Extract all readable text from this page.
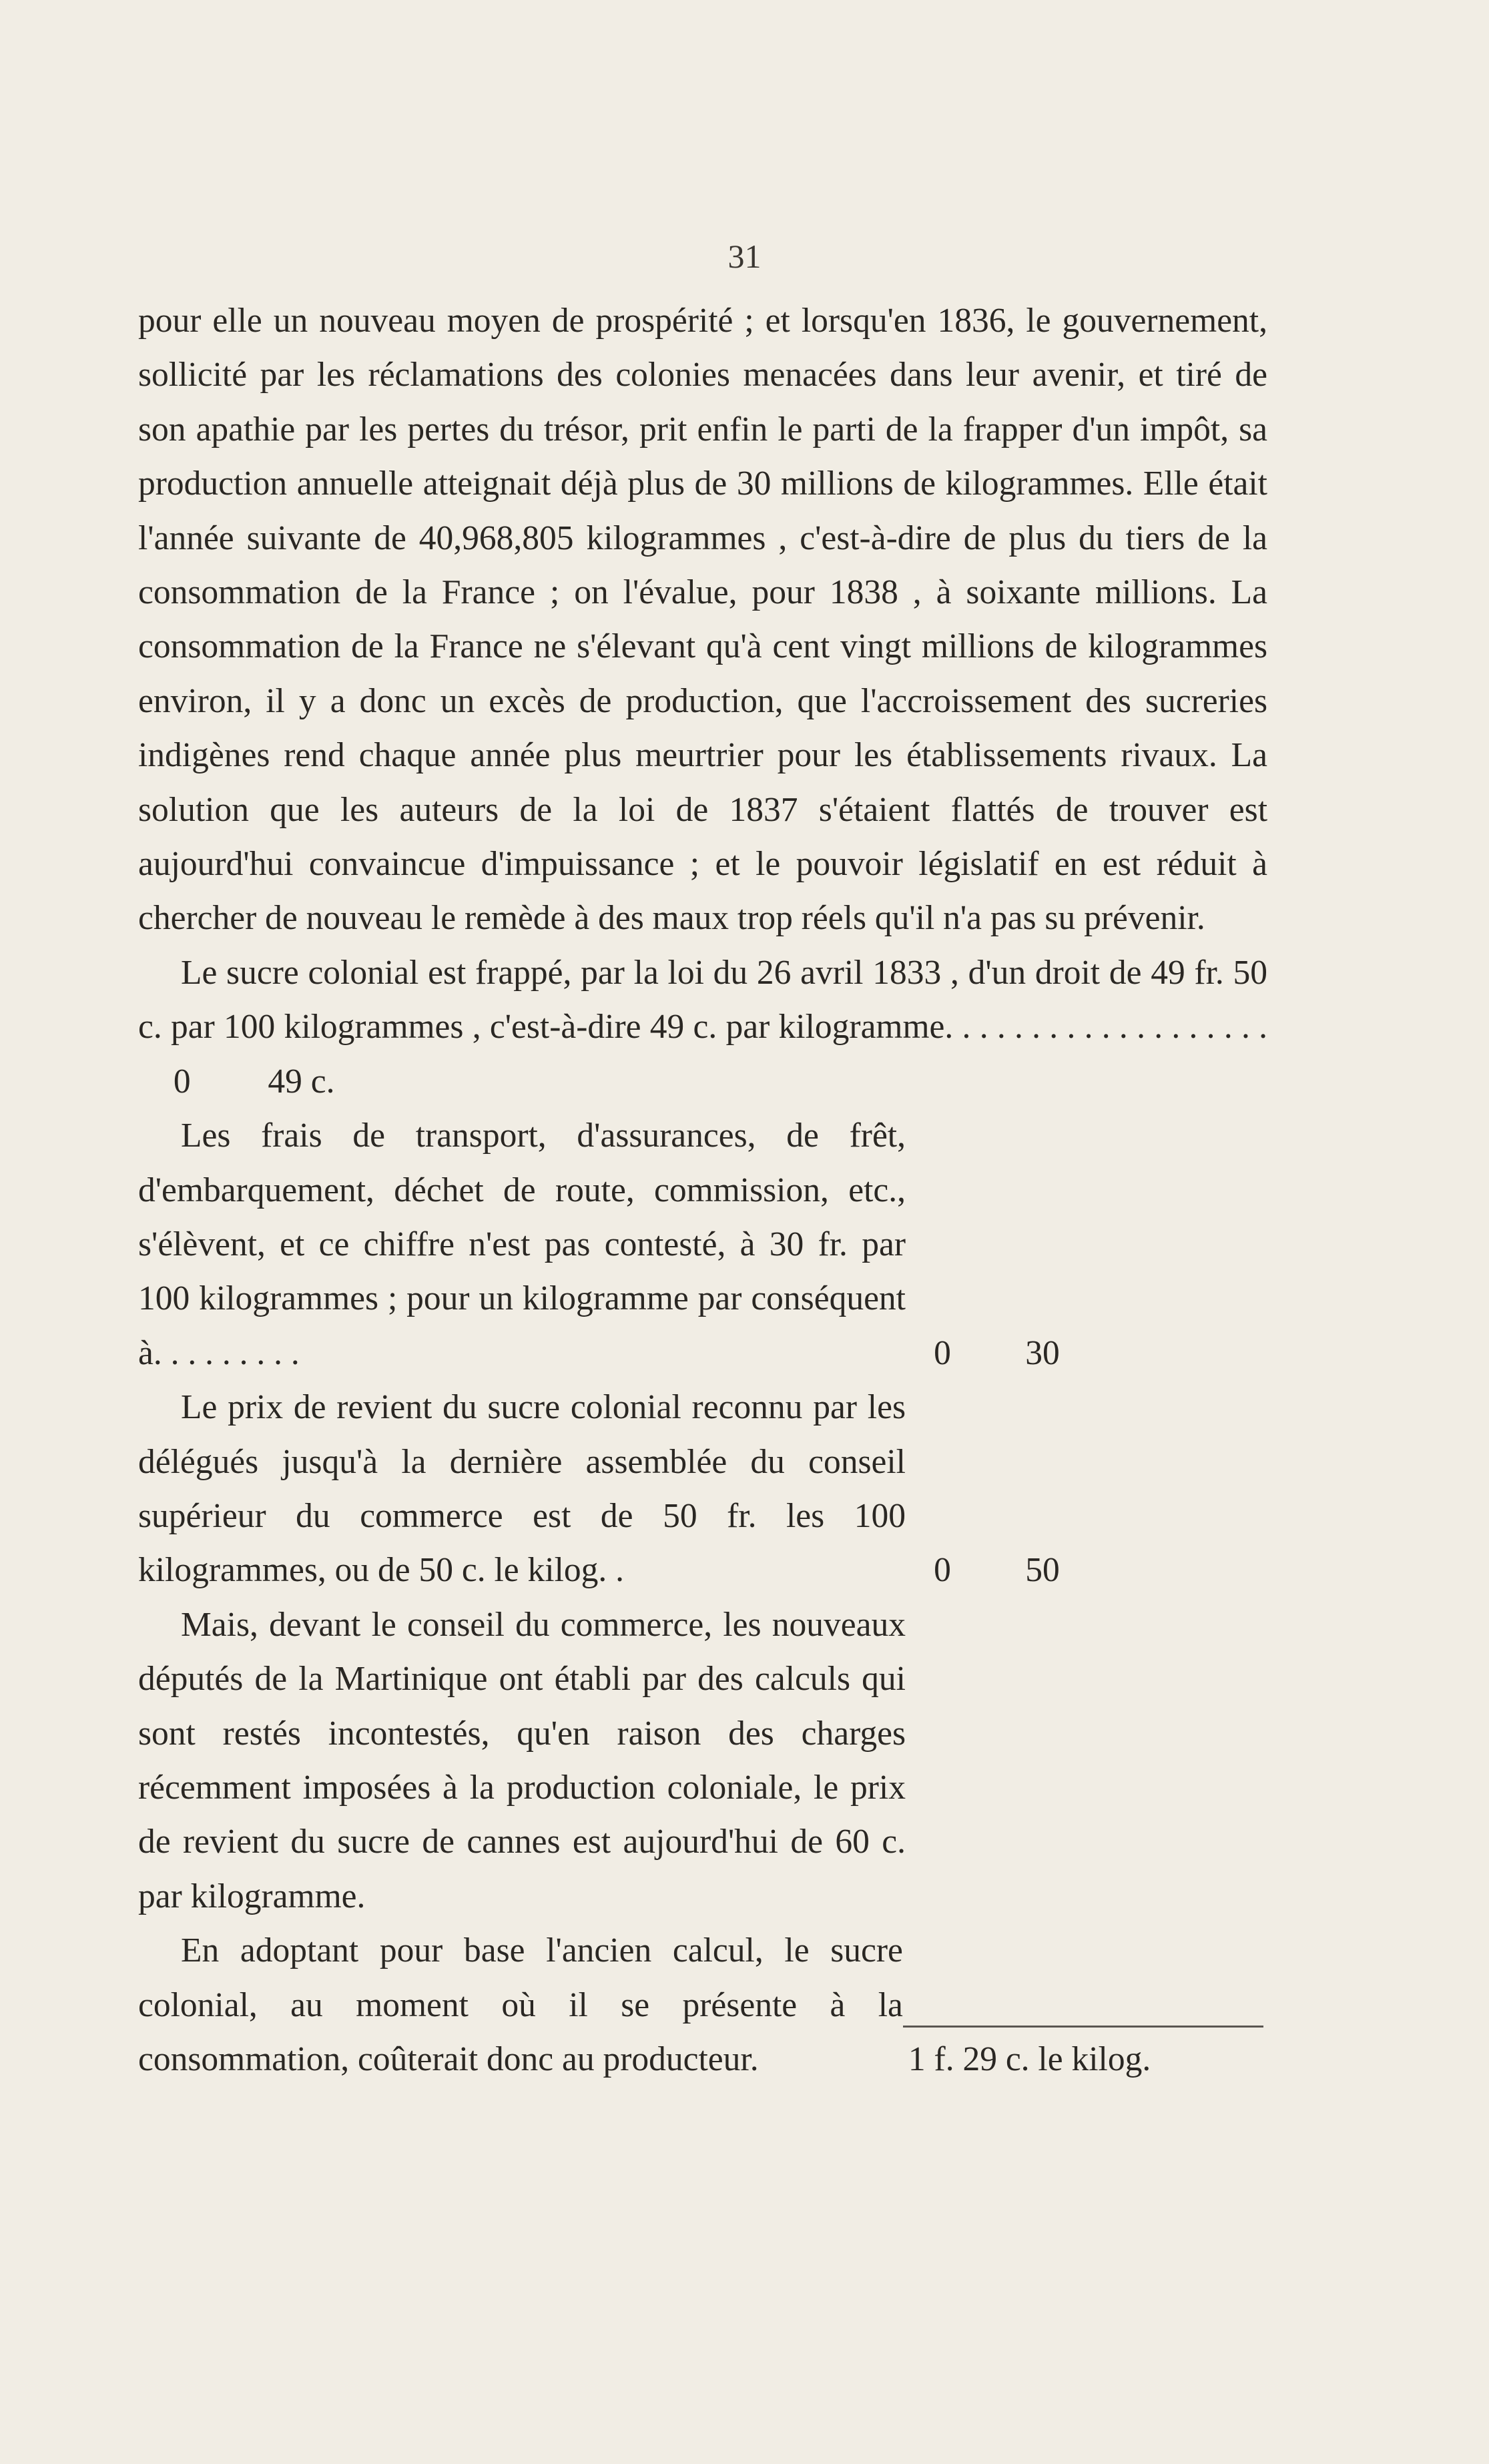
31

pour elle un nouveau moyen de prospérité ; et lorsqu'en 1836, le gouvernement, sollicité par les réclamations des colonies menacées dans leur avenir, et tiré de son apathie par les pertes du trésor, prit enfin le parti de la frapper d'un impôt, sa production annuelle atteignait déjà plus de 30 millions de kilogrammes. Elle était l'année suivante de 40,968,805 kilogrammes , c'est-à-dire de plus du tiers de la consommation de la France ; on l'évalue, pour 1838 , à soixante millions. La consommation de la France ne s'élevant qu'à cent vingt millions de kilogrammes environ, il y a donc un excès de production, que l'accroissement des sucreries indigènes rend chaque année plus meurtrier pour les établissements rivaux. La solution que les auteurs de la loi de 1837 s'étaient flattés de trouver est aujourd'hui convaincue d'impuissance ; et le pouvoir législatif en est réduit à chercher de nouveau le remède à des maux trop réels qu'il n'a pas su prévenir.

Le sucre colonial est frappé, par la loi du 26 avril 1833 , d'un droit de 49 fr. 50 c. par 100 kilogrammes , c'est-à-dire 49 c. par kilogramme. . . . . . . . . . . . . . . . . . .  0 49 c.

Les frais de transport, d'assurances, de frêt, d'embarquement, déchet de route, commission, etc., s'élèvent, et ce chiffre n'est pas contesté, à 30 fr. par 100 kilogrammes ; pour un kilogramme par conséquent à. . . . . . . . .	0	30

Le prix de revient du sucre colonial reconnu par les délégués jusqu'à la dernière assemblée du conseil supérieur du commerce est de 50 fr. les 100 kilogrammes, ou de 50 c. le kilog. .	0	50

Mais, devant le conseil du commerce, les nouveaux députés de la Martinique ont établi par des calculs qui sont restés incontestés, qu'en raison des charges récemment imposées à la production coloniale, le prix de revient du sucre de cannes est aujourd'hui de 60 c. par kilogramme.

En adoptant pour base l'ancien calcul, le sucre colonial, au moment où il se présente à la consommation, coûterait donc au producteur.	1 f. 29 c. le kilog.
